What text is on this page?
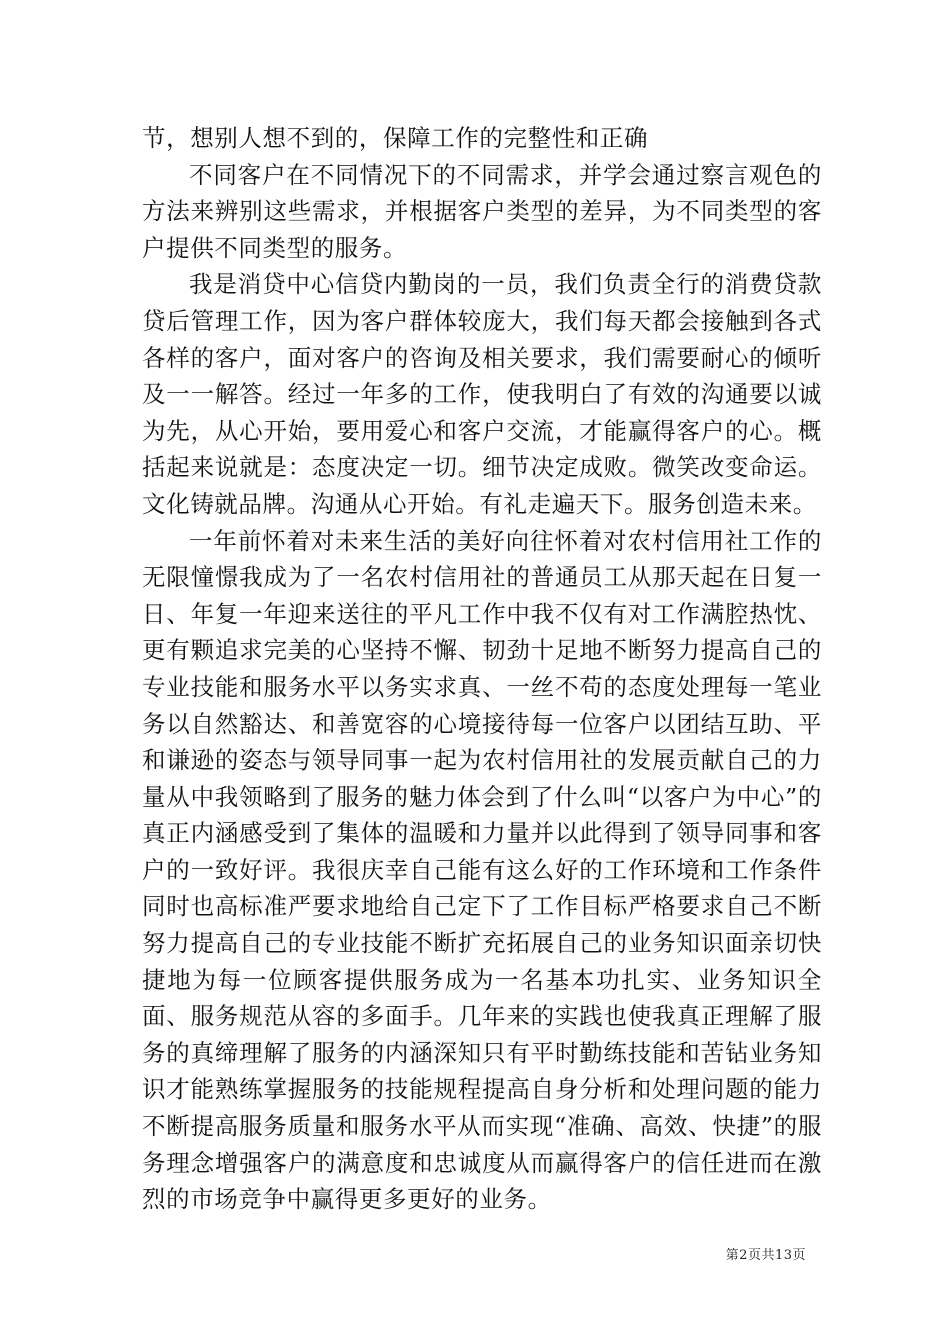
节，想别人想不到的，保障工作的完整性和正确

不同客户在不同情况下的不同需求，并学会通过察言观色的方法来辨别这些需求，并根据客户类型的差异，为不同类型的客户提供不同类型的服务。

我是消贷中心信贷内勤岗的一员，我们负责全行的消费贷款贷后管理工作，因为客户群体较庞大，我们每天都会接触到各式各样的客户，面对客户的咨询及相关要求，我们需要耐心的倾听及一一解答。经过一年多的工作，使我明白了有效的沟通要以诚为先，从心开始，要用爱心和客户交流，才能赢得客户的心。概括起来说就是：态度决定一切。细节决定成败。微笑改变命运。文化铸就品牌。沟通从心开始。有礼走遍天下。服务创造未来。

一年前怀着对未来生活的美好向往怀着对农村信用社工作的无限憧憬我成为了一名农村信用社的普通员工从那天起在日复一日、年复一年迎来送往的平凡工作中我不仅有对工作满腔热忱、更有颗追求完美的心坚持不懈、韧劲十足地不断努力提高自己的专业技能和服务水平以务实求真、一丝不苟的态度处理每一笔业务以自然豁达、和善宽容的心境接待每一位客户以团结互助、平和谦逊的姿态与领导同事一起为农村信用社的发展贡献自己的力量从中我领略到了服务的魅力体会到了什么叫“以客户为中心”的真正内涵感受到了集体的温暖和力量并以此得到了领导同事和客户的一致好评。我很庆幸自己能有这么好的工作环境和工作条件同时也高标准严要求地给自己定下了工作目标严格要求自己不断努力提高自己的专业技能不断扩充拓展自己的业务知识面亲切快捷地为每一位顾客提供服务成为一名基本功扎实、业务知识全面、服务规范从容的多面手。几年来的实践也使我真正理解了服务的真缔理解了服务的内涵深知只有平时勤练技能和苦钻业务知识才能熟练掌握服务的技能规程提高自身分析和处理问题的能力不断提高服务质量和服务水平从而实现“准确、高效、快捷”的服务理念增强客户的满意度和忠诚度从而赢得客户的信任进而在激烈的市场竞争中赢得更多更好的业务。

第2页共13页
